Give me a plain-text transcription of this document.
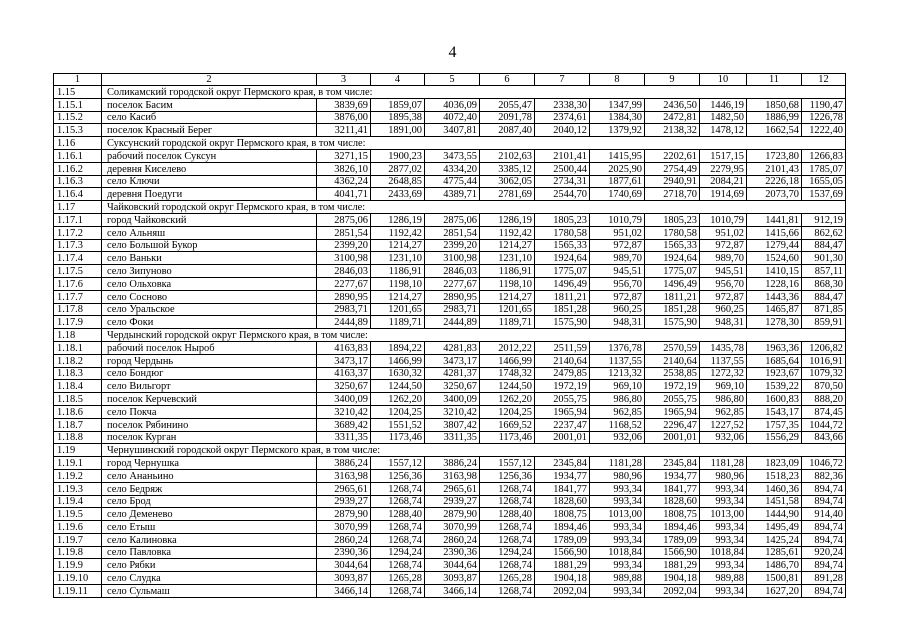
4
1	2	3	4	5	6	7	8	9	10	11	12
1.15	Соликамский городской округ Пермского края, в том числе:										
1.15.1	поселок Басим	3839,69	1859,07	4036,09	2055,47	2338,30	1347,99	2436,50	1446,19	1850,68	1190,47
1.15.2	село Касиб	3876,00	1895,38	4072,40	2091,78	2374,61	1384,30	2472,81	1482,50	1886,99	1226,78
1.15.3	поселок Красный Берег	3211,41	1891,00	3407,81	2087,40	2040,12	1379,92	2138,32	1478,12	1662,54	1222,40
1.16	Суксунский городской округ Пермского края, в том числе:										
1.16.1	рабочий поселок Суксун	3271,15	1900,23	3473,55	2102,63	2101,41	1415,95	2202,61	1517,15	1723,80	1266,83
1.16.2	деревня Киселево	3826,10	2877,02	4334,20	3385,12	2500,44	2025,90	2754,49	2279,95	2101,43	1785,07
1.16.3	село Ключи	4362,24	2648,85	4775,44	3062,05	2734,31	1877,61	2940,91	2084,21	2226,18	1655,05
1.16.4	деревня Поедуги	4041,71	2433,69	4389,71	2781,69	2544,70	1740,69	2718,70	1914,69	2073,70	1537,69
1.17	Чайковский городской округ Пермского края, в том числе:										
1.17.1	город Чайковский	2875,06	1286,19	2875,06	1286,19	1805,23	1010,79	1805,23	1010,79	1441,81	912,19
1.17.2	село Альняш	2851,54	1192,42	2851,54	1192,42	1780,58	951,02	1780,58	951,02	1415,66	862,62
1.17.3	село Большой Букор	2399,20	1214,27	2399,20	1214,27	1565,33	972,87	1565,33	972,87	1279,44	884,47
1.17.4	село Ваньки	3100,98	1231,10	3100,98	1231,10	1924,64	989,70	1924,64	989,70	1524,60	901,30
1.17.5	село Зипуново	2846,03	1186,91	2846,03	1186,91	1775,07	945,51	1775,07	945,51	1410,15	857,11
1.17.6	село Ольховка	2277,67	1198,10	2277,67	1198,10	1496,49	956,70	1496,49	956,70	1228,16	868,30
1.17.7	село Сосново	2890,95	1214,27	2890,95	1214,27	1811,21	972,87	1811,21	972,87	1443,36	884,47
1.17.8	село Уральское	2983,71	1201,65	2983,71	1201,65	1851,28	960,25	1851,28	960,25	1465,87	871,85
1.17.9	село Фоки	2444,89	1189,71	2444,89	1189,71	1575,90	948,31	1575,90	948,31	1278,30	859,91
1.18	Чердынский городской округ Пермского края, в том числе:										
1.18.1	рабочий поселок Ныроб	4163,83	1894,22	4281,83	2012,22	2511,59	1376,78	2570,59	1435,78	1963,36	1206,82
1.18.2	город Чердынь	3473,17	1466,99	3473,17	1466,99	2140,64	1137,55	2140,64	1137,55	1685,64	1016,91
1.18.3	село Бондюг	4163,37	1630,32	4281,37	1748,32	2479,85	1213,32	2538,85	1272,32	1923,67	1079,32
1.18.4	село Вильгорт	3250,67	1244,50	3250,67	1244,50	1972,19	969,10	1972,19	969,10	1539,22	870,50
1.18.5	поселок Керчевский	3400,09	1262,20	3400,09	1262,20	2055,75	986,80	2055,75	986,80	1600,83	888,20
1.18.6	село Покча	3210,42	1204,25	3210,42	1204,25	1965,94	962,85	1965,94	962,85	1543,17	874,45
1.18.7	поселок Рябинино	3689,42	1551,52	3807,42	1669,52	2237,47	1168,52	2296,47	1227,52	1757,35	1044,72
1.18.8	поселок Курган	3311,35	1173,46	3311,35	1173,46	2001,01	932,06	2001,01	932,06	1556,29	843,66
1.19	Чернушинский городской округ Пермского края, в том числе:										
1.19.1	город Чернушка	3886,24	1557,12	3886,24	1557,12	2345,84	1181,28	2345,84	1181,28	1823,09	1046,72
1.19.2	село Ананьино	3163,98	1256,36	3163,98	1256,36	1934,77	980,96	1934,77	980,96	1518,23	882,36
1.19.3	село Бедряж	2965,61	1268,74	2965,61	1268,74	1841,77	993,34	1841,77	993,34	1460,36	894,74
1.19.4	село Брод	2939,27	1268,74	2939,27	1268,74	1828,60	993,34	1828,60	993,34	1451,58	894,74
1.19.5	село Деменево	2879,90	1288,40	2879,90	1288,40	1808,75	1013,00	1808,75	1013,00	1444,90	914,40
1.19.6	село Етыш	3070,99	1268,74	3070,99	1268,74	1894,46	993,34	1894,46	993,34	1495,49	894,74
1.19.7	село Калиновка	2860,24	1268,74	2860,24	1268,74	1789,09	993,34	1789,09	993,34	1425,24	894,74
1.19.8	село Павловка	2390,36	1294,24	2390,36	1294,24	1566,90	1018,84	1566,90	1018,84	1285,61	920,24
1.19.9	село Рябки	3044,64	1268,74	3044,64	1268,74	1881,29	993,34	1881,29	993,34	1486,70	894,74
1.19.10	село Слудка	3093,87	1265,28	3093,87	1265,28	1904,18	989,88	1904,18	989,88	1500,81	891,28
1.19.11	село Сульмаш	3466,14	1268,74	3466,14	1268,74	2092,04	993,34	2092,04	993,34	1627,20	894,74
